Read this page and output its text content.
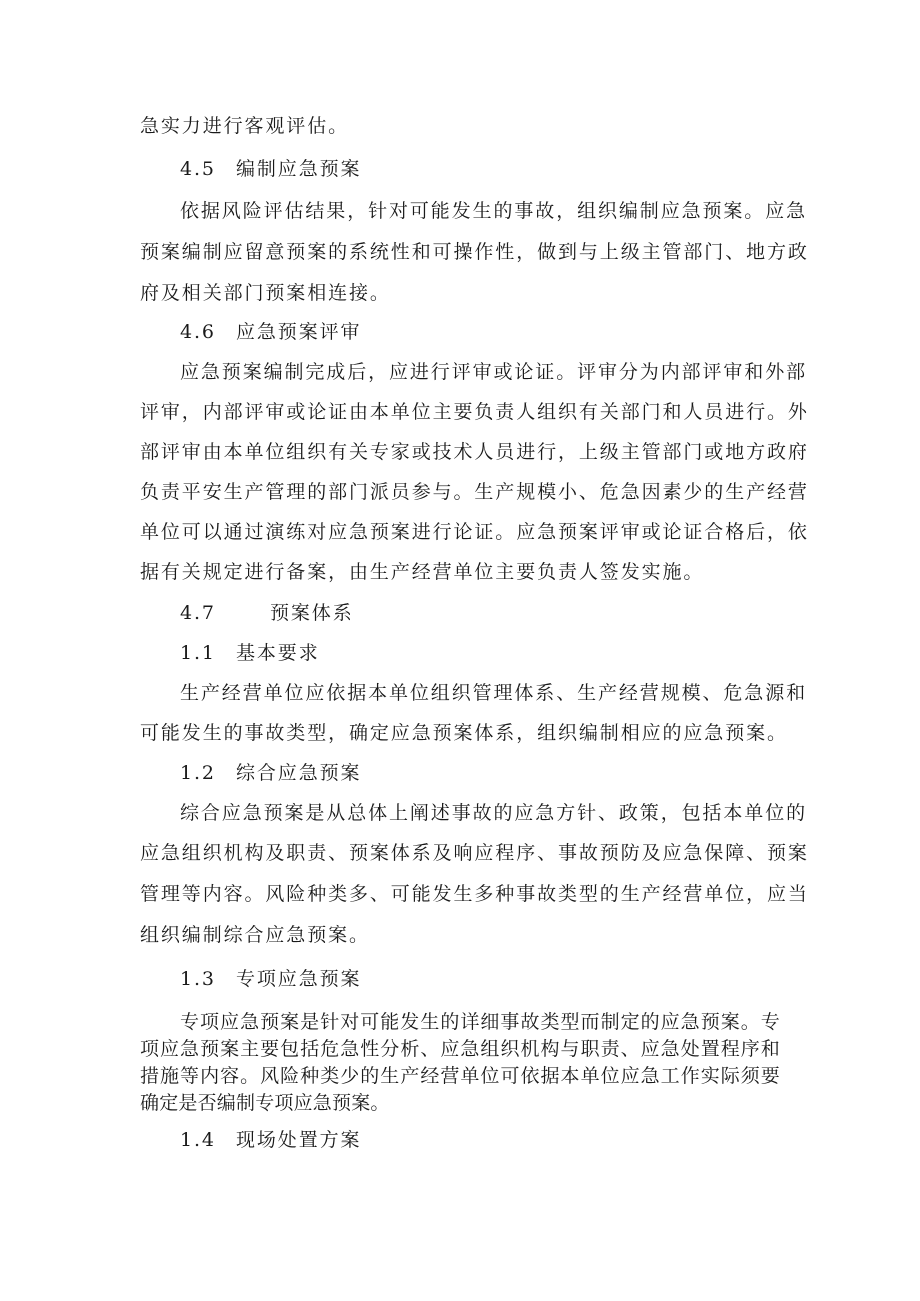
急实力进行客观评估。
4.5 编制应急预案
依据风险评估结果，针对可能发生的事故，组织编制应急预案。应急
预案编制应留意预案的系统性和可操作性，做到与上级主管部门、地方政
府及相关部门预案相连接。
4.6 应急预案评审
应急预案编制完成后，应进行评审或论证。评审分为内部评审和外部
评审，内部评审或论证由本单位主要负责人组织有关部门和人员进行。外
部评审由本单位组织有关专家或技术人员进行，上级主管部门或地方政府
负责平安生产管理的部门派员参与。生产规模小、危急因素少的生产经营
单位可以通过演练对应急预案进行论证。应急预案评审或论证合格后，依
据有关规定进行备案，由生产经营单位主要负责人签发实施。
4.7	预案体系
1.1 基本要求
生产经营单位应依据本单位组织管理体系、生产经营规模、危急源和
可能发生的事故类型，确定应急预案体系，组织编制相应的应急预案。
1.2 综合应急预案
综合应急预案是从总体上阐述事故的应急方针、政策，包括本单位的
应急组织机构及职责、预案体系及响应程序、事故预防及应急保障、预案
管理等内容。风险种类多、可能发生多种事故类型的生产经营单位，应当
组织编制综合应急预案。
1.3 专项应急预案
专项应急预案是针对可能发生的详细事故类型而制定的应急预案。专
项应急预案主要包括危急性分析、应急组织机构与职责、应急处置程序和
措施等内容。风险种类少的生产经营单位可依据本单位应急工作实际须要
确定是否编制专项应急预案。
1.4 现场处置方案
